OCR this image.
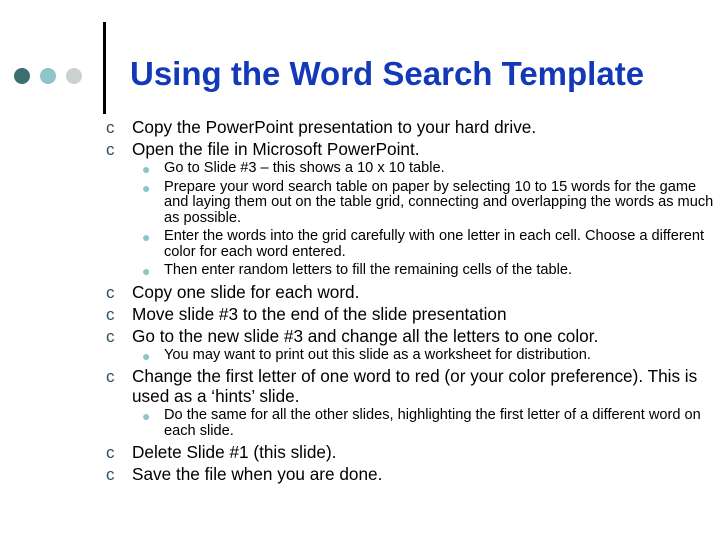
Using the Word Search Template
ϲ Copy the PowerPoint presentation to your hard drive.
ϲ Open the file in Microsoft PowerPoint.
● Go to Slide #3 – this shows a 10 x 10 table.
● Prepare your word search table on paper by selecting 10 to 15 words for the game and laying them out on the table grid, connecting and overlapping the words as much as possible.
● Enter the words into the grid carefully with one letter in each cell. Choose a different color for each word entered.
● Then enter random letters to fill the remaining cells of the table.
ϲ Copy one slide for each word.
ϲ Move slide #3 to the end of the slide presentation
ϲ Go to the new slide #3 and change all the letters to one color.
● You may want to print out this slide as a worksheet for distribution.
ϲ Change the first letter of one word to red (or your color preference). This is used as a ‘hints’ slide.
● Do the same for all the other slides, highlighting the first letter of a different word on each slide.
ϲ Delete Slide #1 (this slide).
ϲ Save the file when you are done.
